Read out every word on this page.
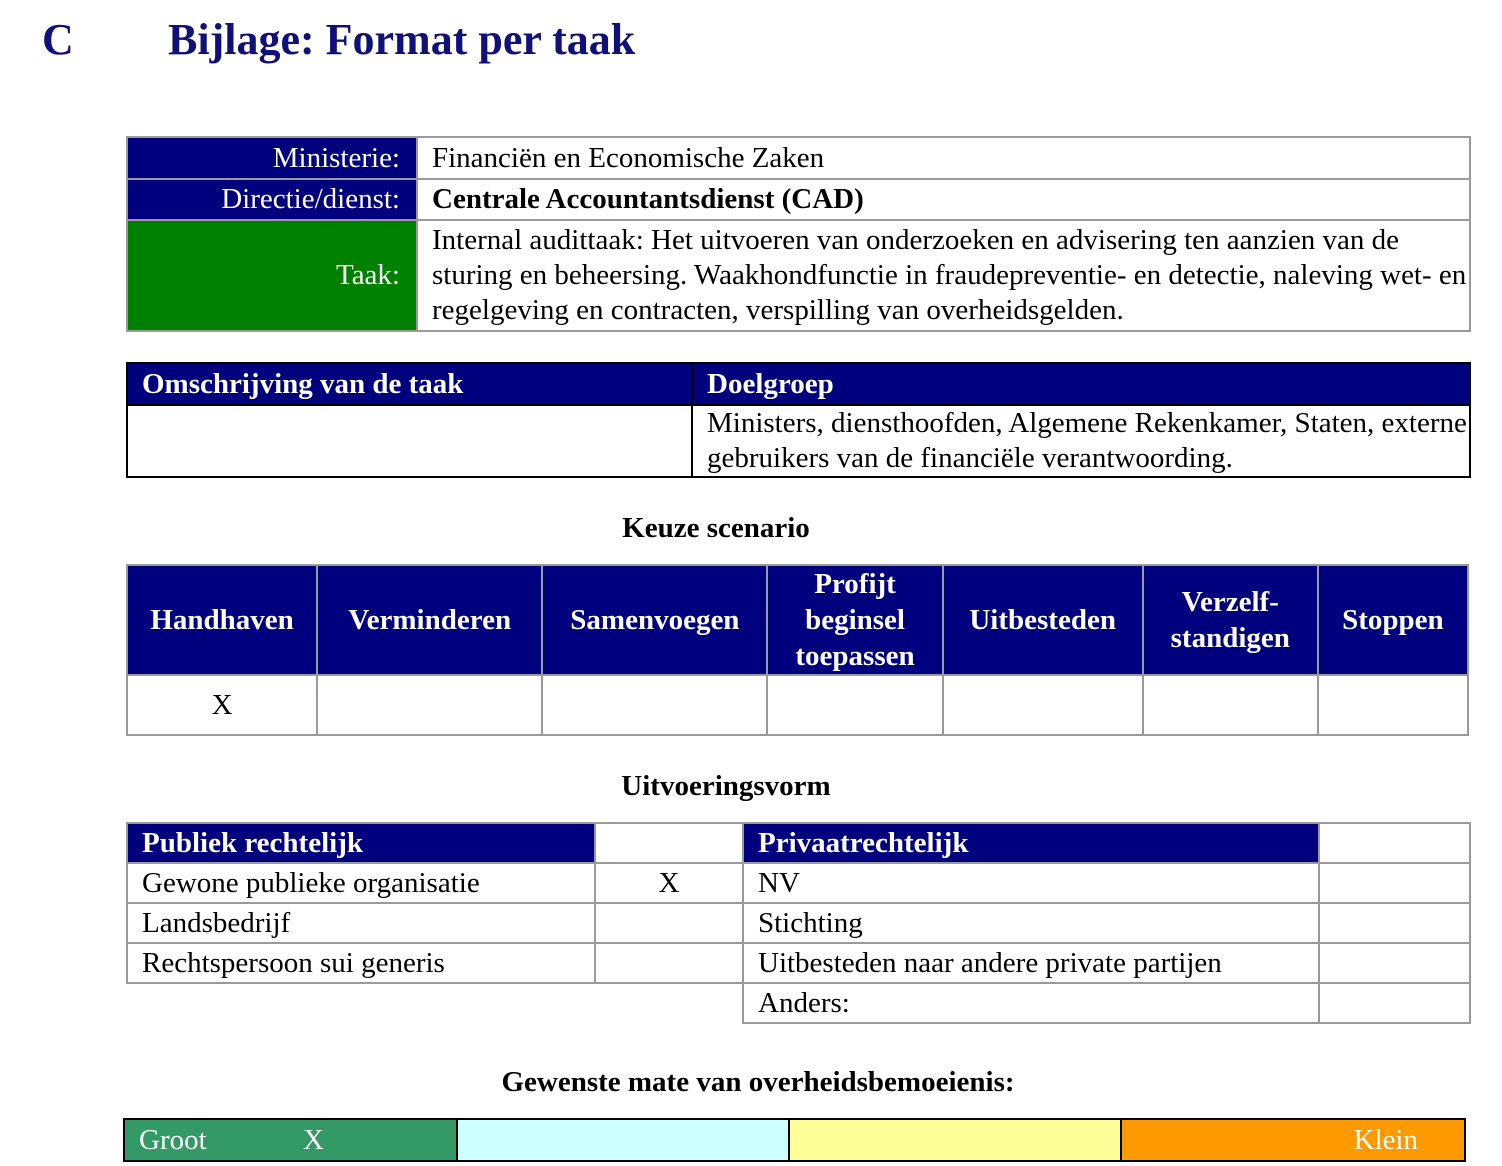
C Bijlage: Format per taak
Ministerie:	Financiën en Economische Zaken
Directie/dienst:	Centrale Accountantsdienst (CAD)
Taak:	Internal audittaak: Het uitvoeren van onderzoeken en advisering ten aanzien van de sturing en beheersing. Waakhondfunctie in fraudepreventie- en detectie, naleving wet- en regelgeving en contracten, verspilling van overheidsgelden.
Omschrijving van de taak	Doelgroep
	Ministers, diensthoofden, Algemene Rekenkamer, Staten, externe gebruikers van de financiële verantwoording.
Keuze scenario
Handhaven	Verminderen	Samenvoegen	Profijt beginsel toepassen	Uitbesteden	Verzelf- standigen	Stoppen
X						
Uitvoeringsvorm
Publiek rechtelijk		Privaatrechtelijk	
Gewone publieke organisatie	X	NV	
Landsbedrijf		Stichting	
Rechtspersoon sui generis		Uitbesteden naar andere private partijen	
		Anders:	
Gewenste mate van overheidsbemoeienis:
Groot	X	Klein
